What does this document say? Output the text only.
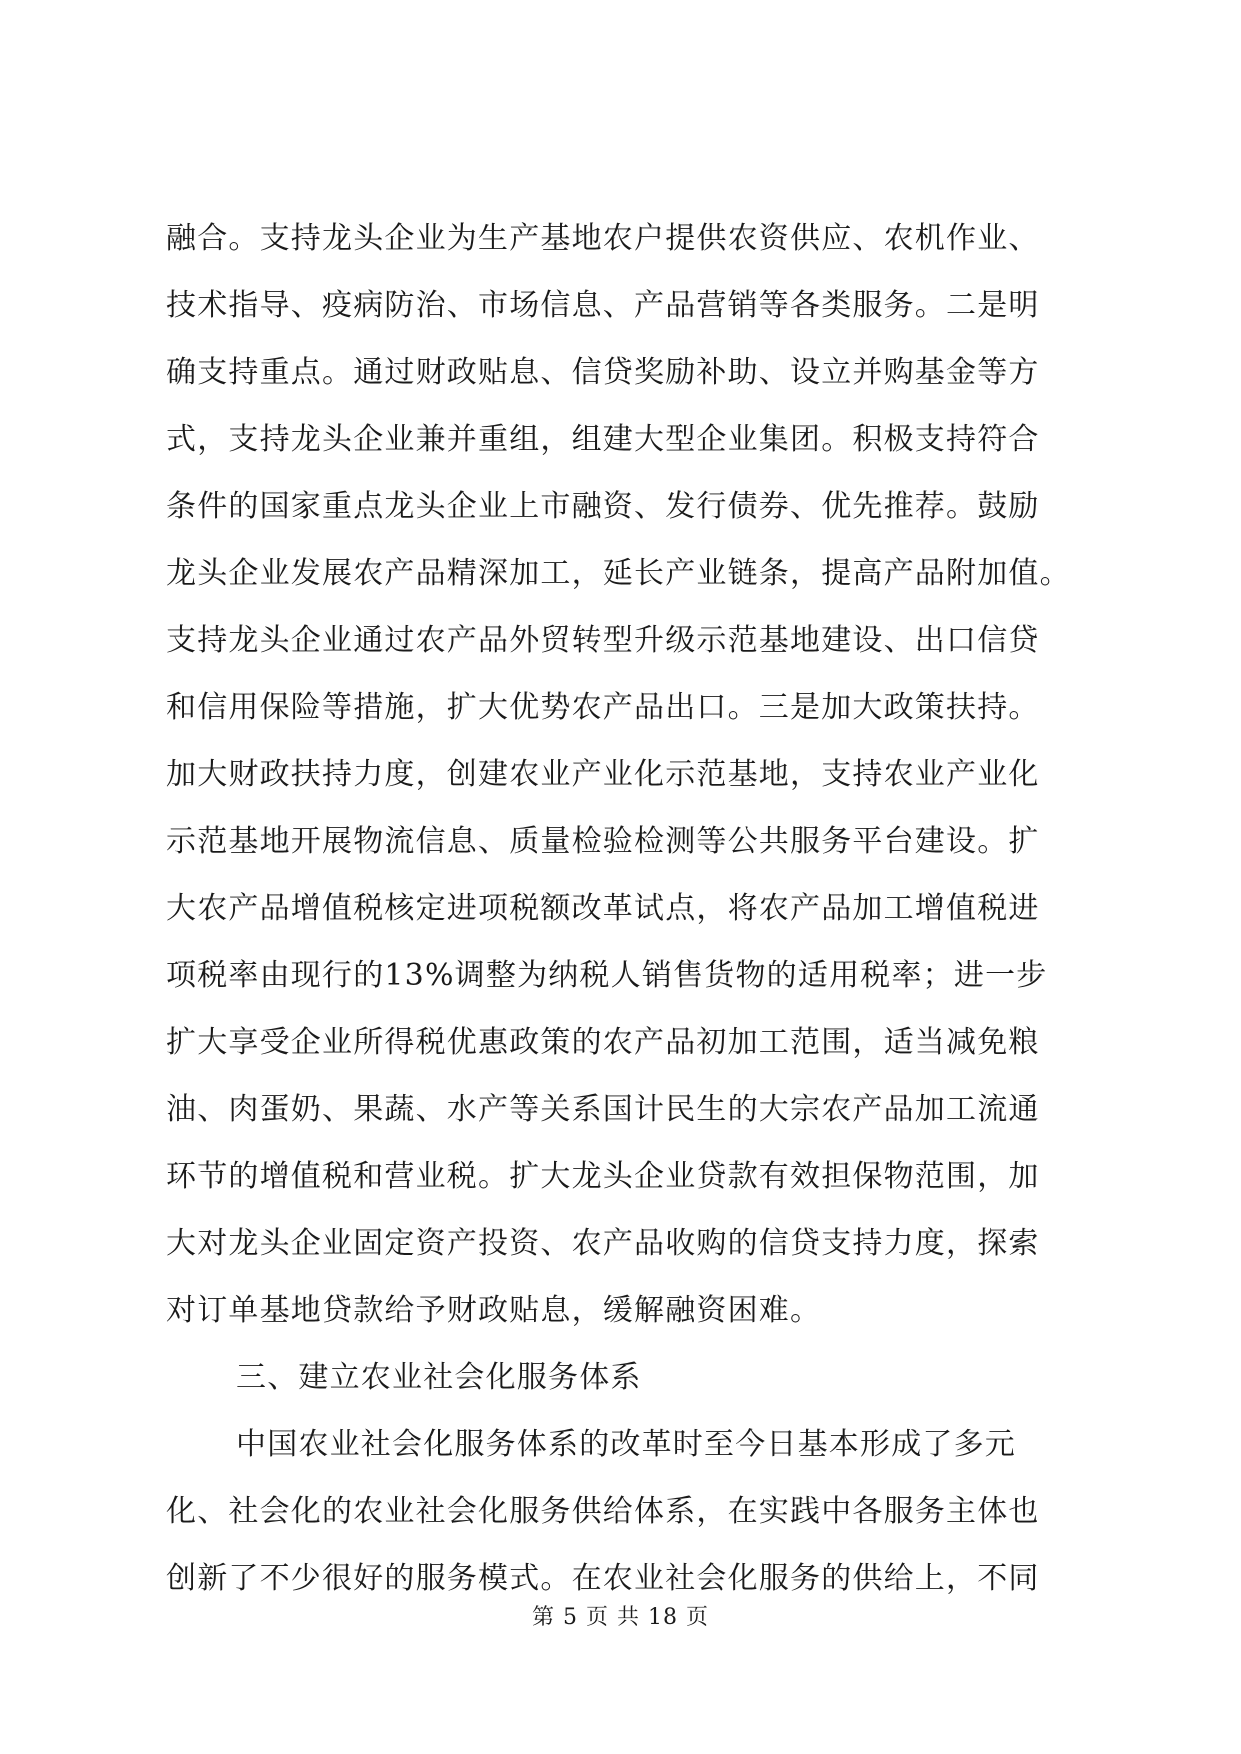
融合。支持龙头企业为生产基地农户提供农资供应、农机作业、
技术指导、疫病防治、市场信息、产品营销等各类服务。二是明
确支持重点。通过财政贴息、信贷奖励补助、设立并购基金等方
式，支持龙头企业兼并重组，组建大型企业集团。积极支持符合
条件的国家重点龙头企业上市融资、发行债券、优先推荐。鼓励
龙头企业发展农产品精深加工，延长产业链条，提高产品附加值。
支持龙头企业通过农产品外贸转型升级示范基地建设、出口信贷
和信用保险等措施，扩大优势农产品出口。三是加大政策扶持。
加大财政扶持力度，创建农业产业化示范基地，支持农业产业化
示范基地开展物流信息、质量检验检测等公共服务平台建设。扩
大农产品增值税核定进项税额改革试点，将农产品加工增值税进
项税率由现行的13%调整为纳税人销售货物的适用税率；进一步
扩大享受企业所得税优惠政策的农产品初加工范围，适当减免粮
油、肉蛋奶、果蔬、水产等关系国计民生的大宗农产品加工流通
环节的增值税和营业税。扩大龙头企业贷款有效担保物范围，加
大对龙头企业固定资产投资、农产品收购的信贷支持力度，探索
对订单基地贷款给予财政贴息，缓解融资困难。
三、建立农业社会化服务体系
中国农业社会化服务体系的改革时至今日基本形成了多元
化、社会化的农业社会化服务供给体系，在实践中各服务主体也
创新了不少很好的服务模式。在农业社会化服务的供给上，不同
第 5 页 共 18 页
